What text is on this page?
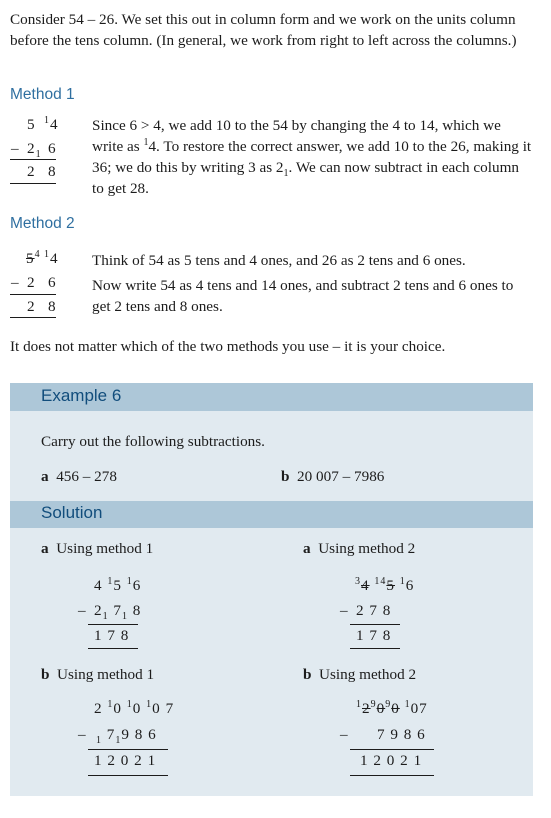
Consider 54 – 26. We set this out in column form and we work on the units column before the tens column. (In general, we work from right to left across the columns.)
Method 1
5 $^1$4
– $2_1$ 6
2 8
Since 6 > 4, we add 10 to the 54 by changing the 4 to 14, which we write as $^1$4. To restore the correct answer, we add 10 to the 26, making it 36; we do this by writing 3 as $2_1$. We can now subtract in each column to get 28.
Method 2
$5^4$ $^1$4
– 2 6
2 8
Think of 54 as 5 tens and 4 ones, and 26 as 2 tens and 6 ones.
Now write 54 as 4 tens and 14 ones, and subtract 2 tens and 6 ones to get 2 tens and 8 ones.
It does not matter which of the two methods you use – it is your choice.
Example 6
Carry out the following subtractions.
a 456 – 278	b 20 007 – 7986
Solution
a Using method 1
4 $^1$5 $^1$6
– $2_1$ $7_1$ 8
1 7 8
a Using method 2
$^3$4 $^{14}$5 $^1$6
– 2 7 8
1 7 8
b Using method 1
2 $^1$0 $^1$0 $^1$0 7
– $_1$ $7_19$ 8 6
1 2 0 2 1
b Using method 2
$^12^90^90$ $^1$07
– 7 9 8 6
1 2 0 2 1
